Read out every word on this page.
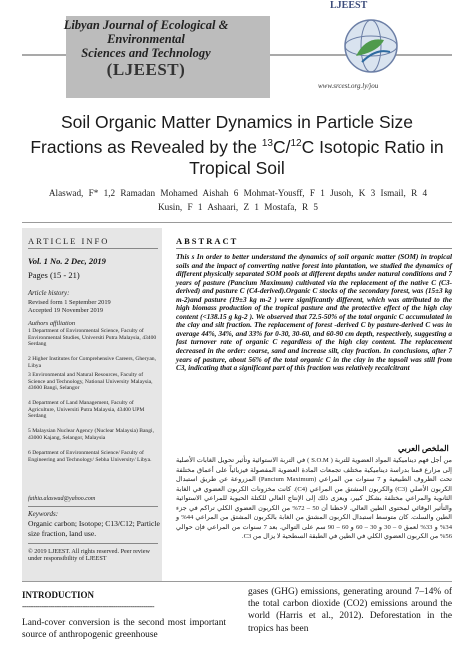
Libyan Journal of Ecological & Environmental
Sciences and Technology
(LJEEST)
LJEEST
www.srcest.org.ly/jou
Soil Organic Matter Dynamics in Particle Size Fractions as Revealed by the $^{13}$C/$^{12}$C Isotopic Ratio in Tropical Soil
Alaswad, F* 1,2 Ramadan Mohamed Aishah 6 Mohmat-Yousff, F 1 Jusoh, K 3 Ismail, R 4
Kusin, F 1 Ashaari, Z 1 Mostafa, R 5
ARTICLE INFO
Vol. 1 No. 2 Dec, 2019
Pages (15 - 21)
Article history:
Revised form 1 September 2019
Accepted 19 November 2019
Authors affiliation
1 Department of Environmental Science, Faculty of Environmental Studies, Universiti Putra Malaysia, 43400 Serdang
2 Higher Institutes for Comprehensive Careers, Gheryan, Libya
3 Environmental and Natural Resources, Faculty of Science and Technology, National University Malaysia, 43600 Bangi, Selangor
4 Department of Land Management, Faculty of Agriculture, Universiti Putra Malaysia, 43400 UPM Serdang
5 Malaysian Nuclear Agency (Nuclear Malaysia) Bangi, 43000 Kajang, Selangor, Malaysia
6 Department of Environmental Science/ Faculty of Engineering and Technology/ Sebha University/ Libya.
fathia.alaswad@yahoo.com
Keywords:
Organic carbon; Isotope; C13/C12; Particle size fraction, land use.
© 2019 LJEEST. All rights reserved. Peer review under responsibility of LJEEST
ABSTRACT
This s In order to better understand the dynamics of soil organic matter (SOM) in tropical soils and the impact of converting native forest into plantation, we studied the dynamics of different physically separated SOM pools at different depths under natural conditions and 7 years of pasture (Pancium Maximum) cultivated via the replacement of the native C (C3-derived) and pasture C (C4-derived).Organic C stocks of the secondary forest, was (15±3 kg m-2)and pasture (19±3 kg m-2 ) were significantly different, which was attributed to the high biomass production of the tropical pasture and the protective effect of the high clay content (<138.15 g kg-2 ). We observed that 72.5-50% of the total organic C accumulated in the clay and silt fraction. The replacement of forest -derived C by pasture-derived C was in average 44%, 34%, and 33% for 0-30, 30-60, and 60-90 cm depth, respectively, suggesting a fast turnover rate of organic C regardless of the high clay content. The replacement decreased in the order: coarse, sand and increase silt, clay fraction. In conclusions, after 7 years of pasture, about 56% of the total organic C in the clay in the topsoil was still from C3, indicating that a significant part of this fraction was relatively recalcitrant
الملخص العربي
من أجل فهم ديناميكية المواد العضوية للتربة ( S.O.M ) في التربة الاستوائية وتأثير تحويل الغابات الأصلية إلى مزارع قمنا بدراسة ديناميكية مختلف تجمعات المادة العضوية المفصولة فيزيائياً على أعماق مختلفة تحت الظروف الطبيعية و 7 سنوات من المراعي (Pancium Maximum) المزروعة عن طريق استبدال الكربون الأصلي (C3) والكربون المشتق من المراعي (C4). كانت مخزونات الكربون العضوي في الغابة الثانوية والمراعي مختلفة بشكل كبير، ويعزى ذلك إلى الإنتاج العالي للكتلة الحيوية للمراعي الاستوائية والتأثير الوقائي لمحتوى الطين العالي. لاحظنا أن 50 – 72% من الكربون العضوي الكلي تراكم في جزء الطين والسلت. كان متوسط استبدال الكربون المشتق من الغابة بالكربون المشتق من المراعي 44% و 34% و 33% لعمق 0 – 30 و 30 – 60 و 60 – 90 سم على التوالي. بعد 7 سنوات من المراعي فإن حوالي 56% من الكربون العضوي الكلي في الطين في الطبقة السطحية لا يزال من C3.
INTRODUCTION
-------------------------------------------------------------
Land-cover conversion is the second most important source of anthropogenic greenhouse
gases (GHG) emissions, generating around 7–14% of the total carbon dioxide (CO2) emissions around the world (Harris et al., 2012). Deforestation in the tropics has been
